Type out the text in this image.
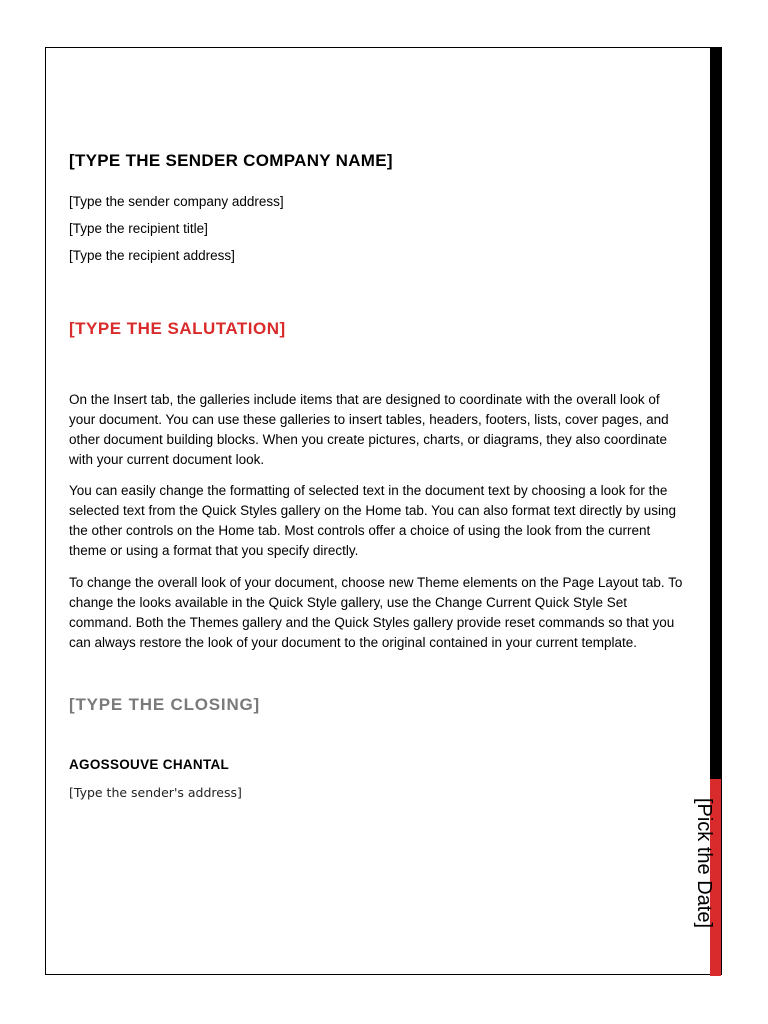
[TYPE THE SENDER COMPANY NAME]
[Type the sender company address]
[Type the recipient title]
[Type the recipient address]
[TYPE THE SALUTATION]

On the Insert tab, the galleries include items that are designed to coordinate with the overall look of your document. You can use these galleries to insert tables, headers, footers, lists, cover pages, and other document building blocks. When you create pictures, charts, or diagrams, they also coordinate with your current document look.

You can easily change the formatting of selected text in the document text by choosing a look for the selected text from the Quick Styles gallery on the Home tab. You can also format text directly by using the other controls on the Home tab. Most controls offer a choice of using the look from the current theme or using a format that you specify directly.

To change the overall look of your document, choose new Theme elements on the Page Layout tab. To change the looks available in the Quick Style gallery, use the Change Current Quick Style Set command. Both the Themes gallery and the Quick Styles gallery provide reset commands so that you can always restore the look of your document to the original contained in your current template.

[TYPE THE CLOSING]
AGOSSOUVE CHANTAL
[Type the sender's address]
[Pick the Date]
